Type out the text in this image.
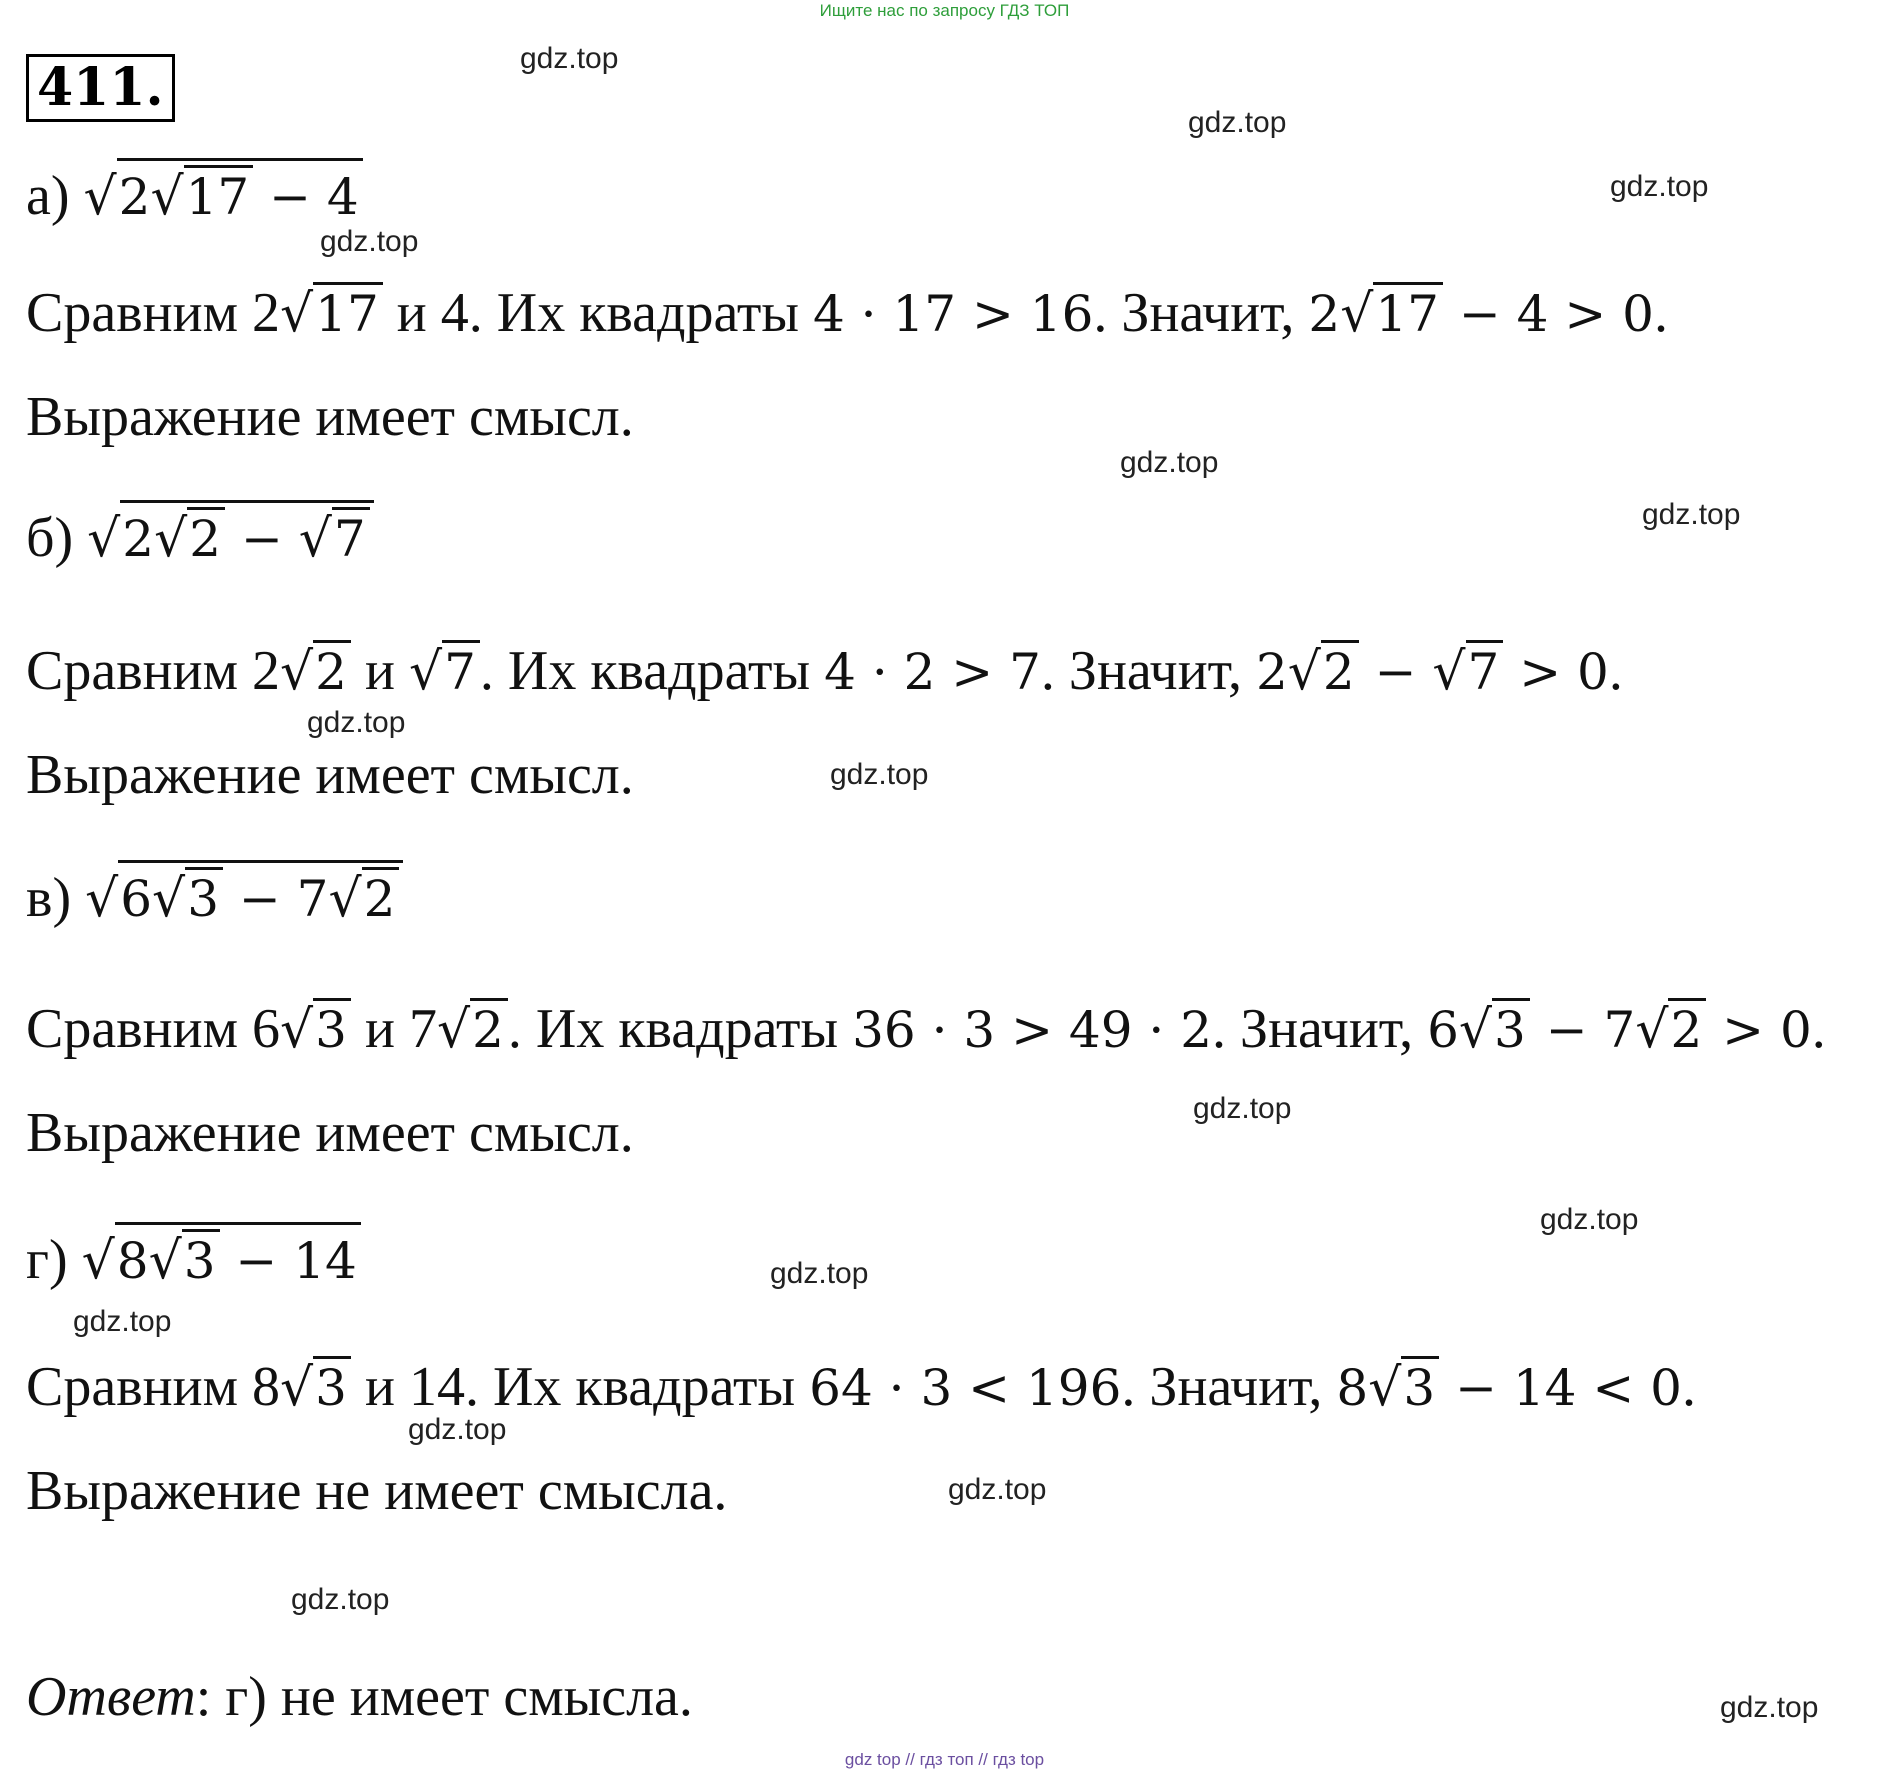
Ищите нас по запросу ГДЗ ТОП
411.	gdz.top
gdz.top
gdz.top
gdz.top
gdz.top
gdz.top
gdz.top
gdz.top
gdz.top
gdz.top
gdz.top
gdz.top
gdz.top
gdz.top
gdz.top
gdz.top
а) √2√17 − 4
Сравним 2√17 и 4. Их квадраты 4 · 17 > 16. Значит, 2√17 − 4 > 0.
Выражение имеет смысл.
б) √2√2 − √7
Сравним 2√2 и √7. Их квадраты 4 · 2 > 7. Значит, 2√2 − √7 > 0.
Выражение имеет смысл.
в) √6√3 − 7√2
Сравним 6√3 и 7√2. Их квадраты 36 · 3 > 49 · 2. Значит, 6√3 − 7√2 > 0.
Выражение имеет смысл.
г) √8√3 − 14
Сравним 8√3 и 14. Их квадраты 64 · 3 < 196. Значит, 8√3 − 14 < 0.
Выражение не имеет смысла.
Ответ: г) не имеет смысла.
gdz top // гдз топ // гдз top
